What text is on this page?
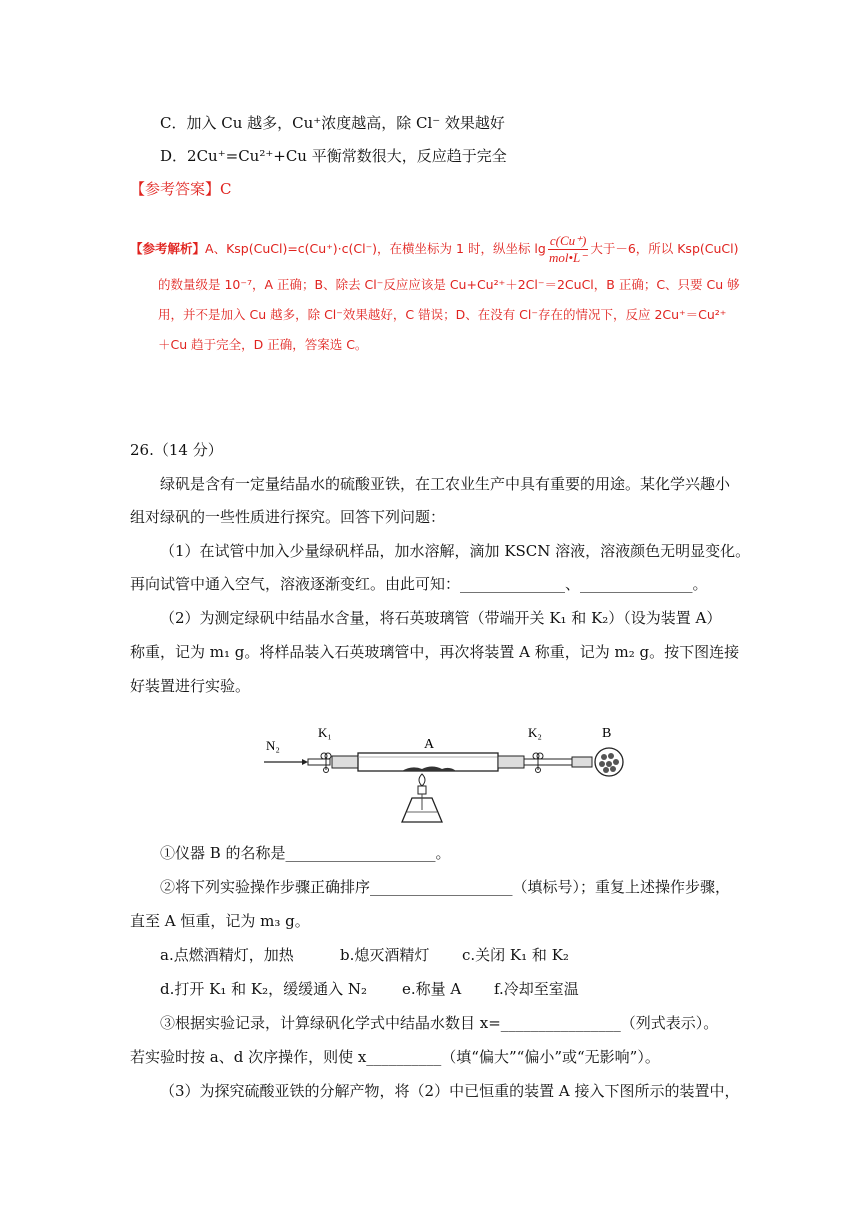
C．加入 Cu 越多，Cu⁺浓度越高，除 Cl⁻ 效果越好
D．2Cu⁺=Cu²⁺+Cu 平衡常数很大，反应趋于完全
【参考答案】C
【参考解析】A、Ksp(CuCl)=c(Cu⁺)·c(Cl⁻)，在横坐标为 1 时，纵坐标 $\lg \frac{c(Cu^+)}{\text{mol•L⁻}}$ 大于－6，所以 Ksp(CuCl)
的数量级是 10⁻⁷，A 正确；B、除去 Cl⁻反应应该是 Cu+Cu²⁺＋2Cl⁻＝2CuCl，B 正确；C、只要 Cu 够
用，并不是加入 Cu 越多，除 Cl⁻效果越好，C 错误；D、在没有 Cl⁻存在的情况下，反应 2Cu⁺＝Cu²⁺
＋Cu 趋于完全，D 正确，答案选 C。
26.（14 分）
绿矾是含有一定量结晶水的硫酸亚铁，在工农业生产中具有重要的用途。某化学兴趣小
组对绿矾的一些性质进行探究。回答下列问题：
（1）在试管中加入少量绿矾样品，加水溶解，滴加 KSCN 溶液，溶液颜色无明显变化。
再向试管中通入空气，溶液逐渐变红。由此可知：______________、_______________。
（2）为测定绿矾中结晶水含量，将石英玻璃管（带端开关 K₁ 和 K₂）（设为装置 A）
称重，记为 m₁ g。将样品装入石英玻璃管中，再次将装置 A 称重，记为 m₂ g。按下图连接
好装置进行实验。
N₂
K₁
A
K₂	B
①仪器 B 的名称是____________________。
②将下列实验操作步骤正确排序___________________（填标号）；重复上述操作步骤，
直至 A 恒重，记为 m₃ g。
a.点燃酒精灯，加热	b.熄灭酒精灯 c.关闭 K₁ 和 K₂
d.打开 K₁ 和 K₂，缓缓通入 N₂ e.称量 A f.冷却至室温
③根据实验记录，计算绿矾化学式中结晶水数目 x=________________（列式表示）。
若实验时按 a、d 次序操作，则使 x__________（填“偏大”“偏小”或“无影响”）。
（3）为探究硫酸亚铁的分解产物，将（2）中已恒重的装置 A 接入下图所示的装置中，
